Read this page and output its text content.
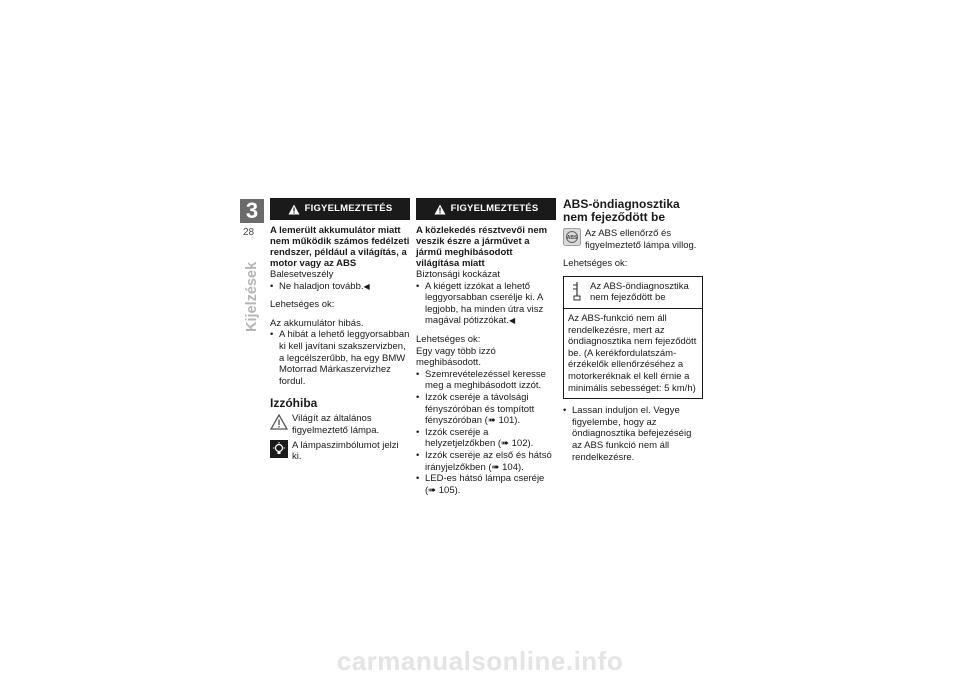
3
28
Kijelzések
FIGYELMEZTETÉS

A lemerült akkumulátor miatt nem működik számos fedélzeti rendszer, például a világítás, a motor vagy az ABS

Balesetveszély

• Ne haladjon tovább.◀

Lehetséges ok:

Az akkumulátor hibás.

• A hibát a lehető leggyorsabban ki kell javítani szakszervizben, a legcélszerűbb, ha egy BMW Motorrad Márkaszervizhez fordul.
Izzóhiba
Világít az általános figyelmeztető lámpa.
A lámpaszimbólumot jelzi ki.
FIGYELMEZTETÉS

A közlekedés résztvevői nem veszik észre a járművet a jármű meghibásodott világítása miatt

Biztonsági kockázat

• A kiégett izzókat a lehető leggyorsabban cserélje ki. A legjobb, ha minden útra visz magával pótizzókat.◀

Lehetséges ok:

Egy vagy több izzó meghibásodott.

• Szemrevételezéssel keresse meg a meghibásodott izzót.
• Izzók cseréje a távolsági fényszóróban és tompított fényszóróban (➠ 101).
• Izzók cseréje a helyzetjelzőkben (➠ 102).
• Izzók cseréje az első és hátsó irányjelzőkben (➠ 104).
• LED-es hátsó lámpa cseréje (➠ 105).
ABS-öndiagnosztika nem fejeződött be
ABS Az ABS ellenőrző és figyelmeztető lámpa villog.

Lehetséges ok:

Az ABS-öndiagnosztika nem fejeződött be
Az ABS-funkció nem áll rendelkezésre, mert az öndiagnosztika nem fejeződött be. (A kerékfordulatszám-érzékelők ellenőrzéséhez a motorkeréknak el kell érnie a minimális sebességet: 5 km/h)
• Lassan induljon el. Vegye figyelembe, hogy az öndiagnosztika befejezéséig az ABS funkció nem áll rendelkezésre.
carmanualsonline.info
